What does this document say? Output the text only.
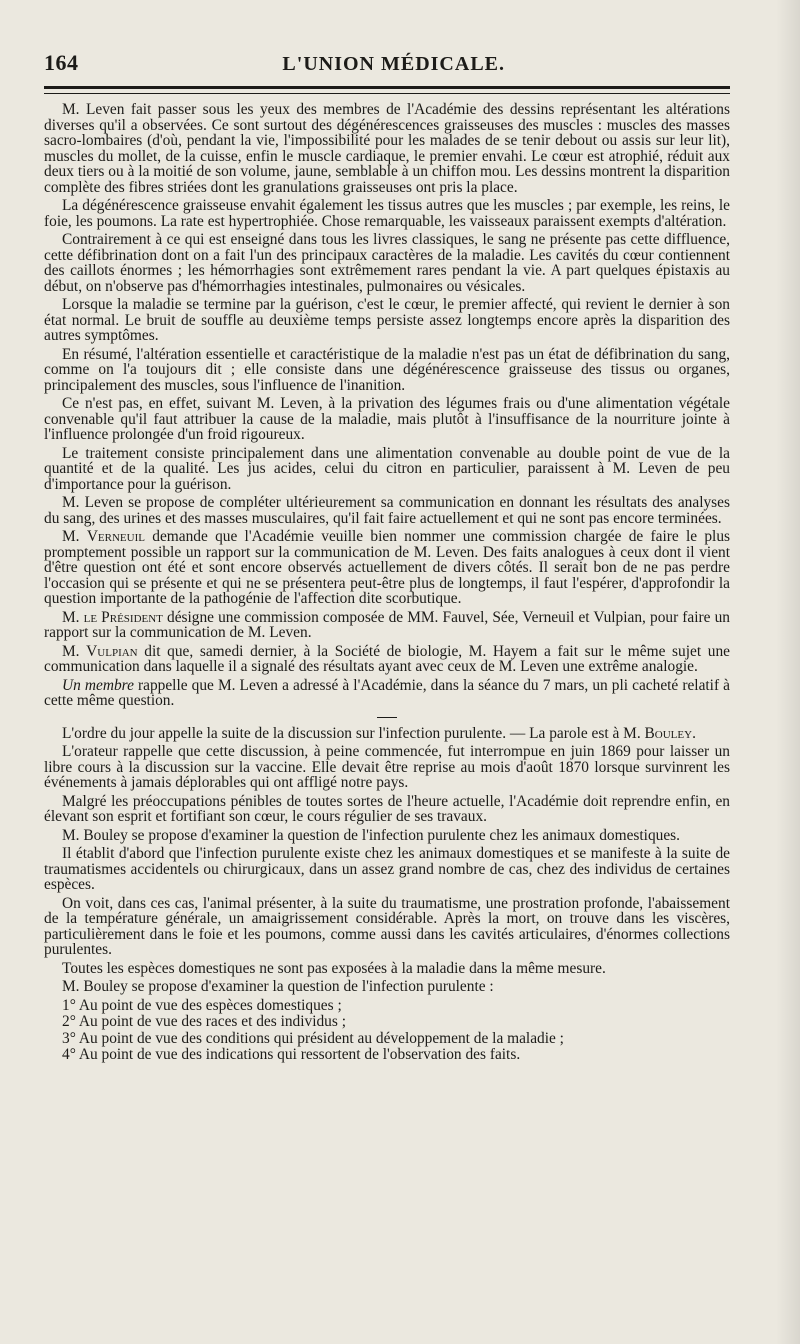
164	L'UNION MÉDICALE.

M. Leven fait passer sous les yeux des membres de l'Académie des dessins représentant les altérations diverses qu'il a observées. Ce sont surtout des dégénérescences graisseuses des muscles : muscles des masses sacro-lombaires (d'où, pendant la vie, l'impossibilité pour les malades de se tenir debout ou assis sur leur lit), muscles du mollet, de la cuisse, enfin le muscle cardiaque, le premier envahi. Le cœur est atrophié, réduit aux deux tiers ou à la moitié de son volume, jaune, semblable à un chiffon mou. Les dessins montrent la disparition complète des fibres striées dont les granulations graisseuses ont pris la place.

La dégénérescence graisseuse envahit également les tissus autres que les muscles ; par exemple, les reins, le foie, les poumons. La rate est hypertrophiée. Chose remarquable, les vaisseaux paraissent exempts d'altération.

Contrairement à ce qui est enseigné dans tous les livres classiques, le sang ne présente pas cette diffluence, cette défibrination dont on a fait l'un des principaux caractères de la maladie. Les cavités du cœur contiennent des caillots énormes ; les hémorrhagies sont extrêmement rares pendant la vie. A part quelques épistaxis au début, on n'observe pas d'hémorrhagies intestinales, pulmonaires ou vésicales.

Lorsque la maladie se termine par la guérison, c'est le cœur, le premier affecté, qui revient le dernier à son état normal. Le bruit de souffle au deuxième temps persiste assez longtemps encore après la disparition des autres symptômes.

En résumé, l'altération essentielle et caractéristique de la maladie n'est pas un état de défibrination du sang, comme on l'a toujours dit ; elle consiste dans une dégénérescence graisseuse des tissus ou organes, principalement des muscles, sous l'influence de l'inanition.

Ce n'est pas, en effet, suivant M. Leven, à la privation des légumes frais ou d'une alimentation végétale convenable qu'il faut attribuer la cause de la maladie, mais plutôt à l'insuffisance de la nourriture jointe à l'influence prolongée d'un froid rigoureux.

Le traitement consiste principalement dans une alimentation convenable au double point de vue de la quantité et de la qualité. Les jus acides, celui du citron en particulier, paraissent à M. Leven de peu d'importance pour la guérison.

M. Leven se propose de compléter ultérieurement sa communication en donnant les résultats des analyses du sang, des urines et des masses musculaires, qu'il fait faire actuellement et qui ne sont pas encore terminées.

M. Verneuil demande que l'Académie veuille bien nommer une commission chargée de faire le plus promptement possible un rapport sur la communication de M. Leven. Des faits analogues à ceux dont il vient d'être question ont été et sont encore observés actuellement de divers côtés. Il serait bon de ne pas perdre l'occasion qui se présente et qui ne se présentera peut-être plus de longtemps, il faut l'espérer, d'approfondir la question importante de la pathogénie de l'affection dite scorbutique.

M. le Président désigne une commission composée de MM. Fauvel, Sée, Verneuil et Vulpian, pour faire un rapport sur la communication de M. Leven.

M. Vulpian dit que, samedi dernier, à la Société de biologie, M. Hayem a fait sur le même sujet une communication dans laquelle il a signalé des résultats ayant avec ceux de M. Leven une extrême analogie.

Un membre rappelle que M. Leven a adressé à l'Académie, dans la séance du 7 mars, un pli cacheté relatif à cette même question.

L'ordre du jour appelle la suite de la discussion sur l'infection purulente. — La parole est à M. Bouley.

L'orateur rappelle que cette discussion, à peine commencée, fut interrompue en juin 1869 pour laisser un libre cours à la discussion sur la vaccine. Elle devait être reprise au mois d'août 1870 lorsque survinrent les événements à jamais déplorables qui ont affligé notre pays.

Malgré les préoccupations pénibles de toutes sortes de l'heure actuelle, l'Académie doit reprendre enfin, en élevant son esprit et fortifiant son cœur, le cours régulier de ses travaux.

M. Bouley se propose d'examiner la question de l'infection purulente chez les animaux domestiques.

Il établit d'abord que l'infection purulente existe chez les animaux domestiques et se manifeste à la suite de traumatismes accidentels ou chirurgicaux, dans un assez grand nombre de cas, chez des individus de certaines espèces.

On voit, dans ces cas, l'animal présenter, à la suite du traumatisme, une prostration profonde, l'abaissement de la température générale, un amaigrissement considérable. Après la mort, on trouve dans les viscères, particulièrement dans le foie et les poumons, comme aussi dans les cavités articulaires, d'énormes collections purulentes.

Toutes les espèces domestiques ne sont pas exposées à la maladie dans la même mesure.

M. Bouley se propose d'examiner la question de l'infection purulente :

1° Au point de vue des espèces domestiques ;

2° Au point de vue des races et des individus ;

3° Au point de vue des conditions qui président au développement de la maladie ;

4° Au point de vue des indications qui ressortent de l'observation des faits.
